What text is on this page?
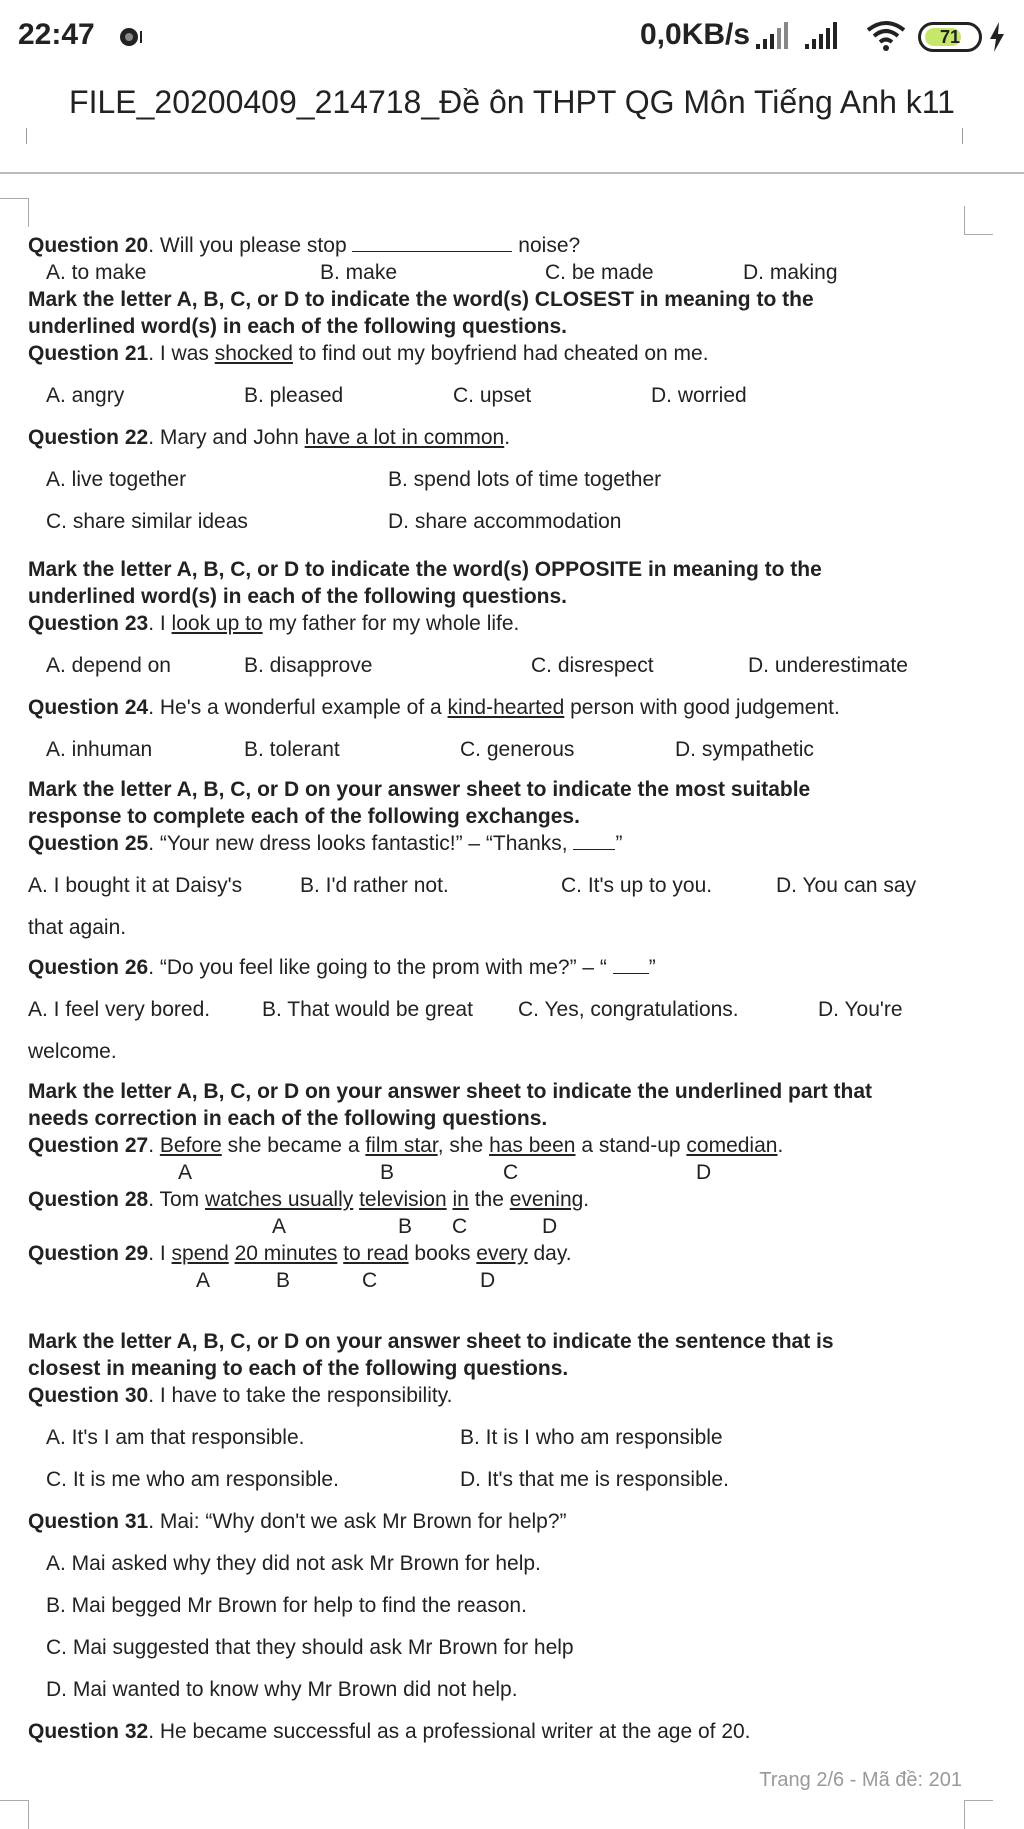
22:47	0,0KB/s	71
FILE_20200409_214718_Đề ôn THPT QG Môn Tiếng Anh k11
Question 20. Will you please stop	noise?
A. to make	B. make	C. be made	D. making
Mark the letter A, B, C, or D to indicate the word(s) CLOSEST in meaning to the
underlined word(s) in each of the following questions.
Question 21. I was shocked to find out my boyfriend had cheated on me.
A. angry	B. pleased	C. upset	D. worried
Question 22. Mary and John have a lot in common.
A. live together	B. spend lots of time together
C. share similar ideas	D. share accommodation
Mark the letter A, B, C, or D to indicate the word(s) OPPOSITE in meaning to the
underlined word(s) in each of the following questions.
Question 23. I look up to my father for my whole life.
A. depend on	B. disapprove	C. disrespect	D. underestimate
Question 24. He's a wonderful example of a kind-hearted person with good judgement.
A. inhuman	B. tolerant	C. generous	D. sympathetic
Mark the letter A, B, C, or D on your answer sheet to indicate the most suitable
response to complete each of the following exchanges.
Question 25. “Your new dress looks fantastic!” – “Thanks, ”
A. I bought it at Daisy's	B. I'd rather not.	C. It's up to you.	D. You can say
that again.
Question 26. “Do you feel like going to the prom with me?” – “ ”
A. I feel very bored. B. That would be great C. Yes, congratulations.	D. You're
welcome.
Mark the letter A, B, C, or D on your answer sheet to indicate the underlined part that
needs correction in each of the following questions.
Question 27. Before she became a film star, she has been a stand-up comedian.
A	B	C	D
Question 28. Tom watches usually television in the evening.
A	B C	D
Question 29. I spend 20 minutes to read books every day.
A	B	C	D
Mark the letter A, B, C, or D on your answer sheet to indicate the sentence that is
closest in meaning to each of the following questions.
Question 30. I have to take the responsibility.
A. It's I am that responsible.	B. It is I who am responsible
C. It is me who am responsible.	D. It's that me is responsible.
Question 31. Mai: “Why don't we ask Mr Brown for help?”
A. Mai asked why they did not ask Mr Brown for help.
B. Mai begged Mr Brown for help to find the reason.
C. Mai suggested that they should ask Mr Brown for help
D. Mai wanted to know why Mr Brown did not help.
Question 32. He became successful as a professional writer at the age of 20.
Trang 2/6 - Mã đề: 201
